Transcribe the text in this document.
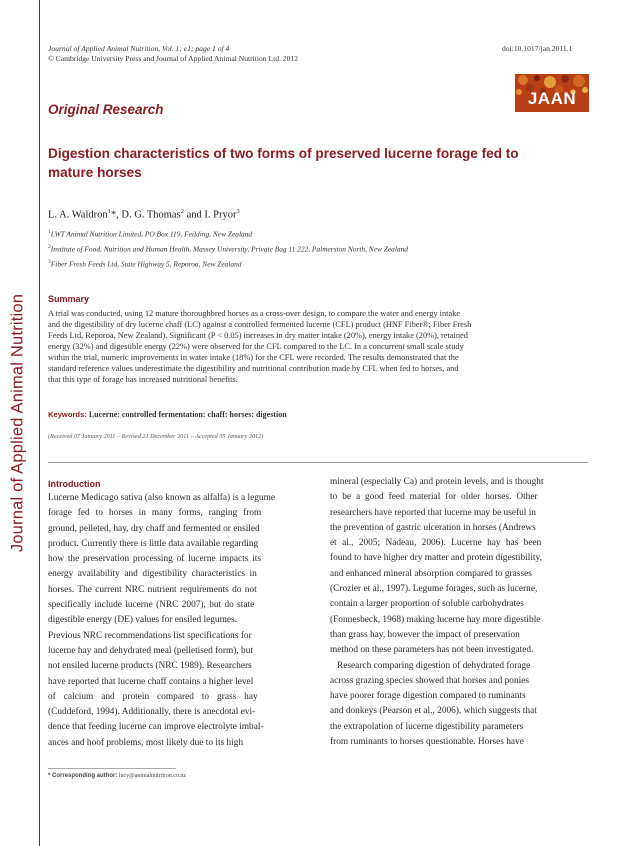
Journal of Applied Animal Nutrition
Journal of Applied Animal Nutrition, Vol. 1; e1; page 1 of 4
© Cambridge University Press and Journal of Applied Animal Nutrition Ltd. 2012
doi:10.1017/jan.2011.1
JAAN
Original Research
Digestion characteristics of two forms of preserved lucerne forage fed to
mature horses
L. A. Waldron$^1$*, D. G. Thomas$^2$ and I. Pryor$^3$
$^1$LWT Animal Nutrition Limited, PO Box 119, Feilding, New Zealand
$^2$Institute of Food, Nutrition and Human Health, Massey University, Private Bag 11 222, Palmerston North, New Zealand
$^3$Fiber Fresh Feeds Ltd, State Highway 5, Reporoa, New Zealand
Summary
A trial was conducted, using 12 mature thoroughbred horses as a cross-over design, to compare the water and energy intake
and the digestibility of dry lucerne chaff (LC) against a controlled fermented lucerne (CFL) product (HNF Fiber®; Fiber Fresh
Feeds Ltd, Reporoa, New Zealand). Significant (P < 0.05) increases in dry matter intake (20%), energy intake (20%), retained
energy (32%) and digestible energy (22%) were observed for the CFL compared to the LC. In a concurrent small scale study
within the trial, numeric improvements in water intake (18%) for the CFL were recorded. The results demonstrated that the
standard reference values underestimate the digestibility and nutritional contribution made by CFL when fed to horses, and
that this type of forage has increased nutritional benefits.
Keywords: Lucerne: controlled fermentation: chaff: horses: digestion
(Received 07 January 2011 – Revised 21 December 2011 – Accepted 05 January 2012)
Introduction
Lucerne Medicago sativa (also known as alfalfa) is a legume
forage fed to horses in many forms, ranging from
ground, pelleted, hay, dry chaff and fermented or ensiled
product. Currently there is little data available regarding
how the preservation processing of lucerne impacts its
energy availability and digestibility characteristics in
horses. The current NRC nutrient requirements do not
specifically include lucerne (NRC 2007), but do state
digestible energy (DE) values for ensiled legumes.
Previous NRC recommendations list specifications for
lucerne hay and dehydrated meal (pelletised form), but
not ensiled lucerne products (NRC 1989). Researchers
have reported that lucerne chaff contains a higher level
of calcium and protein compared to grass hay
(Cuddeford, 1994). Additionally, there is anecdotal evi-
dence that feeding lucerne can improve electrolyte imbal-
ances and hoof problems, most likely due to its high
mineral (especially Ca) and protein levels, and is thought
to be a good feed material for older horses. Other
researchers have reported that lucerne may be useful in
the prevention of gastric ulceration in horses (Andrews
et al., 2005; Nadeau, 2006). Lucerne hay has been
found to have higher dry matter and protein digestibility,
and enhanced mineral absorption compared to grasses
(Crozier et al., 1997). Legume forages, such as lucerne,
contain a larger proportion of soluble carbohydrates
(Fonnesbeck, 1968) making lucerne hay more digestible
than grass hay, however the impact of preservation
method on these parameters has not been investigated.
Research comparing digestion of dehydrated forage
across grazing species showed that horses and ponies
have poorer forage digestion compared to ruminants
and donkeys (Pearson et al., 2006), which suggests that
the extrapolation of lucerne digestibility parameters
from ruminants to horses questionable. Horses have
* Corresponding author: lucy@animalnutrition.co.nz
